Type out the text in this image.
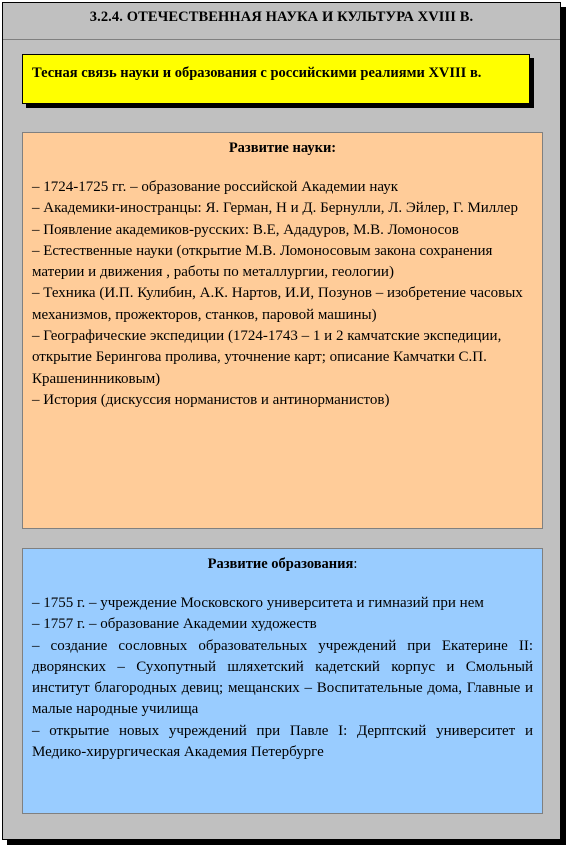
3.2.4. ОТЕЧЕСТВЕННАЯ НАУКА И КУЛЬТУРА XVIII В.

Тесная связь науки и образования с российскими реалиями XVIII в.

Развитие науки:
– 1724-1725 гг. – образование российской Академии наук
– Академики-иностранцы: Я. Герман, Н и Д. Бернулли, Л. Эйлер, Г. Миллер
– Появление академиков-русских: В.Е, Ададуров, М.В. Ломоносов
– Естественные науки (открытие М.В. Ломоносовым закона сохранения материи и движения , работы по металлургии, геологии)
– Техника (И.П. Кулибин, А.К. Нартов, И.И, Позунов – изобретение часовых механизмов, прожекторов, станков, паровой машины)
– Географические экспедиции (1724-1743 – 1 и 2 камчатские экспедиции, открытие Берингова пролива, уточнение карт; описание Камчатки С.П. Крашенинниковым)
– История (дискуссия норманистов и антинорманистов)
Развитие образования:
– 1755 г. – учреждение Московского университета и гимназий при нем
– 1757 г. – образование Академии художеств
– создание сословных образовательных учреждений при Екатерине II: дворянских – Сухопутный шляхетский кадетский корпус и Смольный институт благородных девиц; мещанских – Воспитательные дома, Главные и малые народные училища
– открытие новых учреждений при Павле I: Дерптский университет и Медико-хирургическая Академия Петербурге
